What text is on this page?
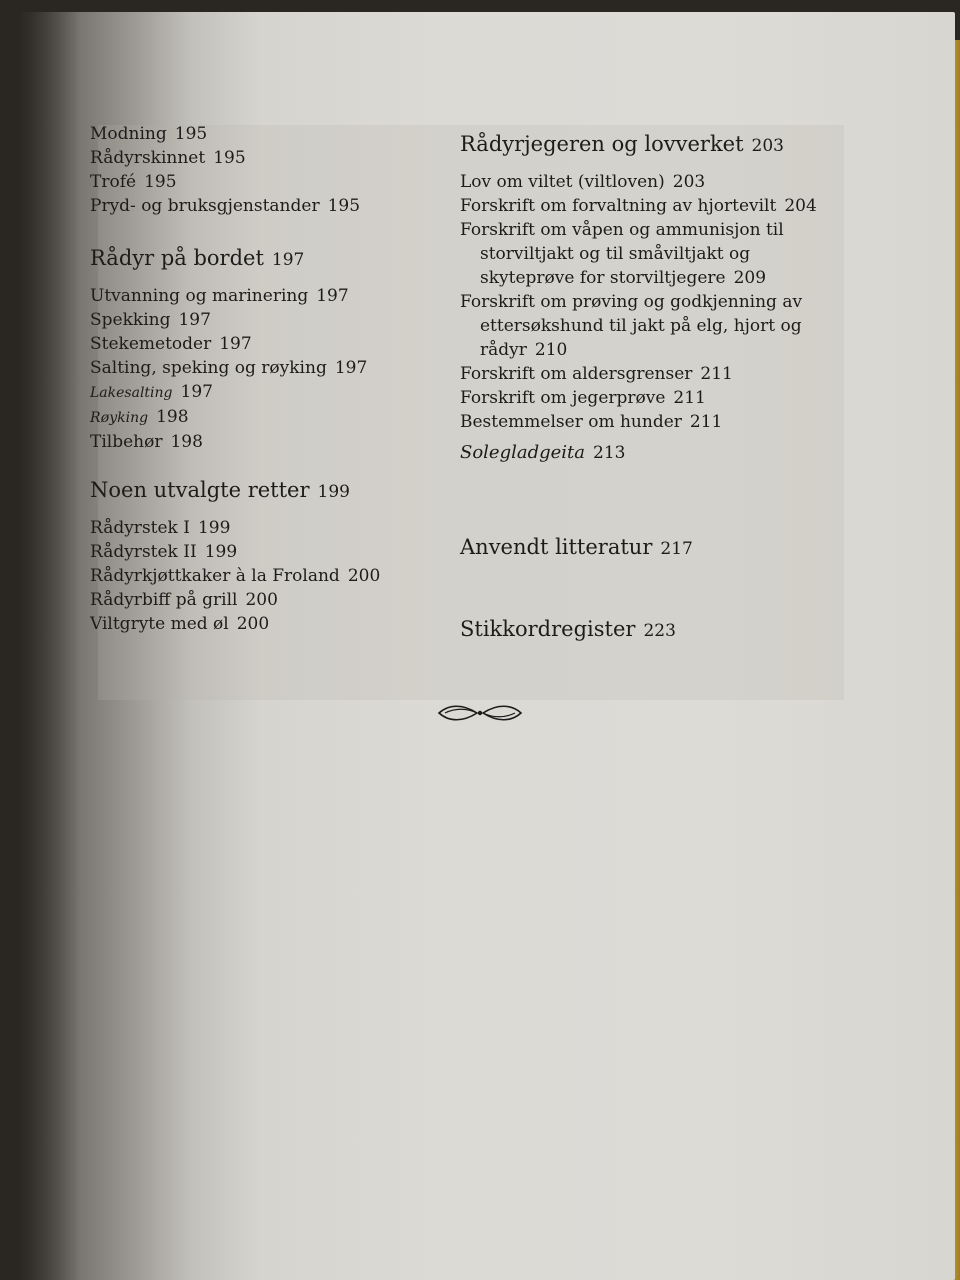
Modning 195
Rådyrskinnet 195
Trofé 195
Pryd- og bruksgjenstander 195
Rådyr på bordet 197
Utvanning og marinering 197
Spekking 197
Stekemetoder 197
Salting, speking og røyking 197
Lakesalting 197
Røyking 198
Tilbehør 198
Noen utvalgte retter 199
Rådyrstek I 199
Rådyrstek II 199
Rådyrkjøttkaker à la Froland 200
Rådyrbiff på grill 200
Viltgryte med øl 200
Rådyrjegeren og lovverket 203
Lov om viltet (viltloven) 203
Forskrift om forvaltning av hjortevilt 204
Forskrift om våpen og ammunisjon til storviltjakt og til småviltjakt og skyteprøve for storviltjegere 209
Forskrift om prøving og godkjenning av ettersøkshund til jakt på elg, hjort og rådyr 210
Forskrift om aldersgrenser 211
Forskrift om jegerprøve 211
Bestemmelser om hunder 211
Solegladgeita 213
Anvendt litteratur 217
Stikkordregister 223
